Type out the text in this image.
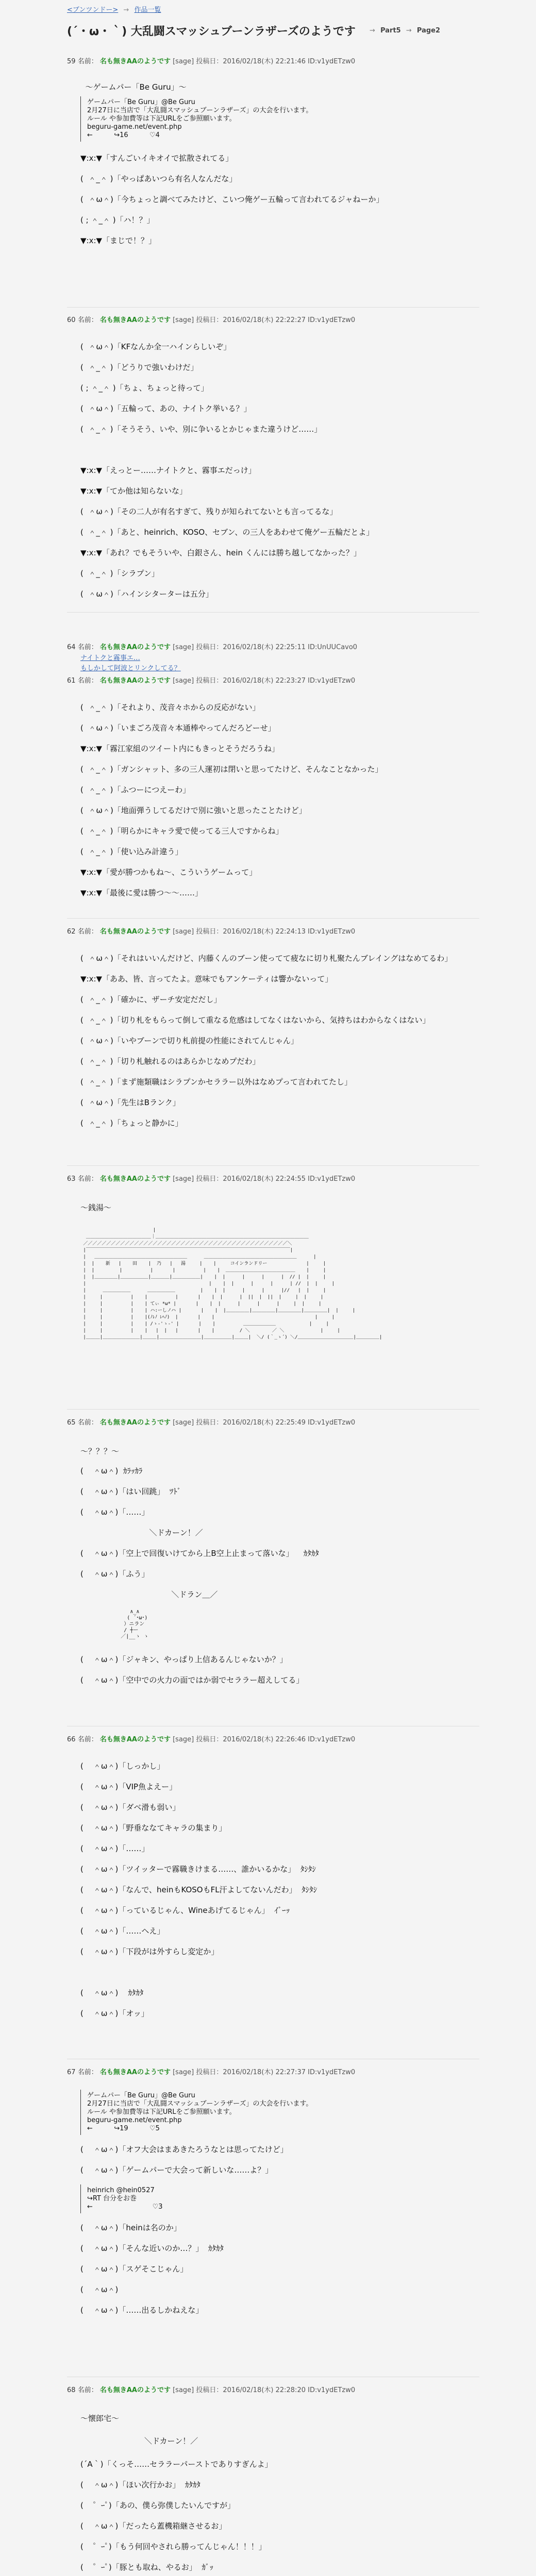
<ブンツンドー> → 作品一覧
(´・ω・｀) 大乱闘スマッシュブーンラザーズのようです → Part5 → Page2
59 名前： 名も無きAAのようです [sage] 投稿日：2016/02/18(木) 22:21:46 ID:v1ydETzw0

〜ゲームパー「Be Guru」〜

ゲームパー「Be Guru」@Be Guru
2月27日に当店で「大乱闘スマッシュブーンラザーズ」の大会を行います。
ルール や参加費等は下記URLをご参照願います。
beguru-game.net/event.php
←          ↪16          ♡4
▼:x:▼「すんごいイキオイで拡散されてる」
(  ＾_＾ )「やっぱあいつら有名人なんだな」
(  ＾ω＾)「今ちょっと調べてみたけど、こいつ俺ゲー五輪って言われてるジャねーか」
( ; ＾_＾ )「ハ！？」
▼:x:▼「まじで！？」
60 名前： 名も無きAAのようです [sage] 投稿日：2016/02/18(木) 22:22:27 ID:v1ydETzw0
(  ＾ω＾)「KFなんか全一ハインらしいぞ」
(  ＾_＾ )「どうりで強いわけだ」
( ; ＾_＾ )「ちょ、ちょっと待って」
(  ＾ω＾)「五輪って、あの、ナイトク挙いる？」
(  ＾_＾ )「そうそう、いや、別に争いるとかじゃまた違うけど……」

▼:x:▼「えっとー……ナイトクと、霧事エだっけ」
▼:x:▼「てか他は知らないな」
(  ＾ω＾)「その二人が有名すぎて、残りが知られてないとも言ってるな」
(  ＾_＾ )「あと、heinrich、KOSO、セブン、の三人をあわせて俺ゲー五輪だとよ」
▼:x:▼「あれ？でもそういや、白銀さん、hein くんには勝ち越してなかった？」
(  ＾_＾ )「シラプン」
(  ＾ω＾)「ハインシターターは五分」
64 名前： 名も無きAAのようです [sage] 投稿日：2016/02/18(木) 22:25:11 ID:UnUUCavo0
ナイトクと霧事エ…
もしかして阿波とリンクしてる？
61 名前： 名も無きAAのようです [sage] 投稿日：2016/02/18(木) 22:23:27 ID:v1ydETzw0
(  ＾_＾ )「それより、茂音々ホからの反応がない」
(  ＾ω＾)「いまごろ茂音々本通棒やってんだろどーせ」
▼:x:▼「霧江家組のツイート内にもきっとそうだろうね」
(  ＾_＾ )「ガンシャット、多の三人運初は閉いと思ってたけど、そんなことなかった」
(  ＾_＾ )「ふつーにつえーわ」
(  ＾ω＾)「地面弾うしてるだけで別に強いと思ったことたけど」
(  ＾_＾ )「明らかにキャラ愛で使ってる三人ですからね」
(  ＾_＾ )「使い込み計違う」
▼:x:▼「愛が勝つかもね〜、こういうゲームって」
▼:x:▼「最後に愛は勝つ〜〜……」
62 名前： 名も無きAAのようです [sage] 投稿日：2016/02/18(木) 22:24:13 ID:v1ydETzw0
(  ＾ω＾)「それはいいんだけど、内藤くんのブーン使ってて疲なに切り札聚たんブレイングはなめてるわ」
▼:x:▼「ああ、皆、言ってたよ。意味でもアンケーティは響かないって」
(  ＾_＾ )「確かに、ザーチ安定だだし」
(  ＾_＾ )「切り札をもらって倒して重なる危感はしてなくはないから、気持ちはわからなくはない」
(  ＾ω＾)「いやブーンで切り札前提の性能にされてんじゃん」
(  ＾_＾ )「切り札触れるのはあらかじなめプだわ」
(  ＾_＾ )「まず施類職はシラプンかセララー以外はなめプって言われてたし」
(  ＾ω＾)「先生はBランク」
(  ＾_＾ )「ちょっと静かに」
63 名前： 名も無きAAのようです [sage] 投稿日：2016/02/18(木) 22:24:55 ID:v1ydETzw0

〜銭湯〜
|
＿＿＿＿＿＿＿＿＿＿＿＿＿＿｜＿＿＿＿＿＿＿＿＿＿＿＿＿＿＿＿＿＿＿＿＿＿＿＿＿＿＿＿＿＿＿＿＿
／／／／／／／／／／／／／／／／／／／／／／／／／／／／／／／／／／／／／／／／／／／／＼
|￣￣￣￣￣￣￣￣￣￣￣￣￣￣￣￣￣￣￣￣￣￣￣￣￣￣￣￣￣￣￣￣￣￣￣￣￣￣￣￣￣￣￣￣|
|   ＿＿＿＿＿＿＿＿＿＿＿＿＿＿＿＿＿＿＿＿      ＿＿＿＿＿＿＿＿＿＿＿＿＿＿＿＿＿＿＿＿      |
|  |    新   |    田    |  乃   |   湯     |    |     コインランドリー              |     |
|  |         |          |       |          |    |  ＿＿＿＿＿＿＿＿＿＿＿＿＿＿＿    |     |
|  |＿＿＿＿＿|＿＿＿＿＿＿|＿＿＿＿|＿＿＿＿＿＿|    |  |      |      |      |  // |  |     |
|                                            |    |  |      |      |      | //  |  |     |
|      ＿＿＿＿＿＿      ＿＿＿＿＿＿         |    |  |      |      |      |//   |  |     |
|     |          |    |          |       |    |  |      |  ||  |  ||  |     |  |     |
|     |          |    | てぃ *ω* |       |    |  |      |      |      |     |  |     |
|     |          |    | ハ:ーしノハ |       |    |  |＿＿＿＿＿|＿＿＿＿＿|＿＿＿＿＿|＿＿＿＿＿|  |     |
|     |          |    |(ﾉﾚﾉ ﾚﾍﾉ)  |       |    |                                    |     |
|     |          |    | /ゝ-'ゝ-' |       |    |          ＿＿＿＿＿＿＿            |     |
|     |          |    |   |  |   |       |    |         / ＼        ／ ＼             |     |
|＿＿＿|＿＿＿＿＿＿＿＿|＿＿＿|＿＿＿＿＿＿＿＿＿|＿＿＿＿＿＿|＿＿＿|  ＼/ (｀_ゝ´) ＼/＿＿＿＿＿＿＿＿＿＿＿＿|＿＿＿＿＿|
65 名前： 名も無きAAのようです [sage] 投稿日：2016/02/18(木) 22:25:49 ID:v1ydETzw0

〜？？？〜

(    ＾ω＾)  ｶﾗｯｶﾗ
(    ＾ω＾)「はい回跳」  ﾂﾄﾞ
(    ＾ω＾)「……」
＼ドカーン！／
(    ＾ω＾)「空上で回復いけてから上B空上止まって落いな」    ｶﾀｶﾀ
(    ＾ω＾)「ふう」
＼ドラン＿／
∧_∧
( ´･ω･)
）ニラン
/ ┼ー
／|__ゝ ゝ
(    ＾ω＾)「ジャキン、やっぱり上信あるんじゃないか？」
(    ＾ω＾)「空中での火力の面ではか弱でセララー超えしてる」
66 名前： 名も無きAAのようです [sage] 投稿日：2016/02/18(木) 22:26:46 ID:v1ydETzw0
(    ＾ω＾)「しっかし」
(    ＾ω＾)「VIP魚よえー」
(    ＾ω＾)「ダベ滑も弱い」
(    ＾ω＾)「野垂ななてキャラの集まり」
(    ＾ω＾)「……」
(    ＾ω＾)「ツイッターで霧職きけまる……、誰かいるかな」  ﾀｼﾀｼ
(    ＾ω＾)「なんで、heinもKOSOもFL汗よしてないんだわ」  ﾀｼﾀｼ
(    ＾ω＾)「っているじゃん、Wineあげてるじゃん」  ｲﾞｰｯ
(    ＾ω＾)「……ヘえ」
(    ＾ω＾)「下段がは外すらし変定か」

(    ＾ω＾)    ｶﾀｶﾀ
(    ＾ω＾)「オッ」
67 名前： 名も無きAAのようです [sage] 投稿日：2016/02/18(木) 22:27:37 ID:v1ydETzw0
ゲームパー「Be Guru」@Be Guru
2月27日に当店で「大乱闘スマッシュブーンラザーズ」の大会を行います。
ルール や参加費等は下記URLをご参照願います。
beguru-game.net/event.php
←          ↪19          ♡5
(    ＾ω＾)「オフ大会はまあきたろうなとは思ってたけど」
(    ＾ω＾)「ゲームパーで大会って新しいな……よ？」
heinrich @hein0527
↪RT 台分をお巻
←                            ♡3
(    ＾ω＾)「heinは名のか」
(    ＾ω＾)「そんな近いのか…？」  ｶﾀｶﾀ
(    ＾ω＾)「スゲそこじゃん」
(    ＾ω＾)
(    ＾ω＾)「……出るしかねえな」
68 名前： 名も無きAAのようです [sage] 投稿日：2016/02/18(木) 22:28:20 ID:v1ydETzw0

〜懐郎宅〜

＼ドカーン！／

(´A｀)「くっそ……セララーパーストでありすぎんよ」
(    ＾ω＾)「ほい次行かお」  ｶﾀｶﾀ
(    ゜ｰﾟ)「あの、僕ら弥僕したいんですが」
(    ＾ω＾)「だったら蓋機箱継させるお」
(    ゜ｰﾟ)「もう何回やされら勝ってんじゃん！！！」
(    ゜ｰﾟ)「豚とも取ね、やるお」  ｶﾞｯ
